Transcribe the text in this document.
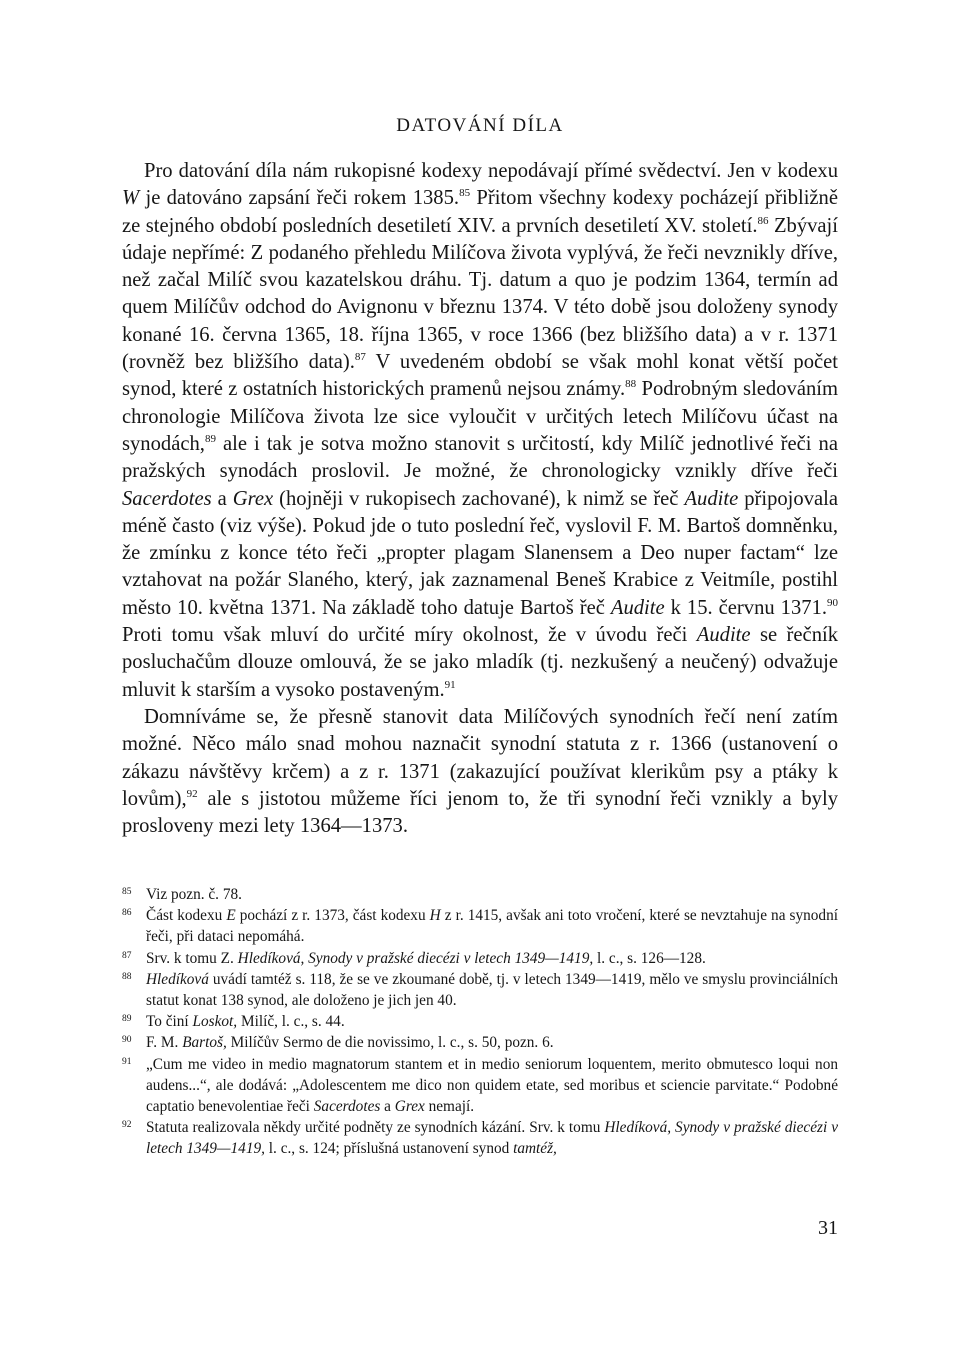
DATOVÁNÍ DÍLA

Pro datování díla nám rukopisné kodexy nepodávají přímé svědectví. Jen v kodexu W je datováno zapsání řeči rokem 1385.85 Přitom všechny kodexy pocházejí přibližně ze stejného období posledních desetiletí XIV. a prvních desetiletí XV. století.$^{86}$ Zbývají údaje nepřímé: Z podaného přehledu Milíčova života vyplývá, že řeči nevznikly dříve, než začal Milíč svou kazatelskou dráhu. Tj. datum a quo je podzim 1364, termín ad quem Milíčův odchod do Avignonu v březnu 1374. V této době jsou doloženy synody konané 16. června 1365, 18. října 1365, v roce 1366 (bez bližšího data) a v r. 1371 (rovněž bez bližšího data).$^{87}$ V uvedeném období se však mohl konat větší počet synod, které z ostatních historických pramenů nejsou známy.$^{88}$ Podrobným sledováním chronologie Milíčova života lze sice vyloučit v určitých letech Milíčovu účast na synodách,$^{89}$ ale i tak je sotva možno stanovit s určitostí, kdy Milíč jednotlivé řeči na pražských synodách proslovil. Je možné, že chronologicky vznikly dříve řeči Sacerdotes a Grex (hojněji v rukopisech zachované), k nimž se řeč Audite připojovala méně často (viz výše). Pokud jde o tuto poslední řeč, vyslovil F. M. Bartoš domněnku, že zmínku z konce této řeči „propter plagam Slanensem a Deo nuper factam“ lze vztahovat na požár Slaného, který, jak zaznamenal Beneš Krabice z Veitmíle, postihl město 10. května 1371. Na základě toho datuje Bartoš řeč Audite k 15. červnu 1371.90 Proti tomu však mluví do určité míry okolnost, že v úvodu řeči Audite se řečník posluchačům dlouze omlouvá, že se jako mladík (tj. nezkušený a neučený) odvažuje mluvit k starším a vysoko postaveným.$^{91}$

Domníváme se, že přesně stanovit data Milíčových synodních řečí není zatím možné. Něco málo snad mohou naznačit synodní statuta z r. 1366 (ustanovení o zákazu návštěvy krčem) a z r. 1371 (zakazující používat klerikům psy a ptáky k lovům),$^{92}$ ale s jistotou můžeme říci jenom to, že tři synodní řeči vznikly a byly prosloveny mezi lety 1364—1373.

85 Viz pozn. č. 78.
86 Část kodexu E pochází z r. 1373, část kodexu H z r. 1415, avšak ani toto vročení, které se nevztahuje na synodní řeči, při dataci nepomáhá.
87 Srv. k tomu Z. Hledíková, Synody v pražské diecézi v letech 1349—1419, l. c., s. 126—128.
88 Hledíková uvádí tamtéž s. 118, že se ve zkoumané době, tj. v letech 1349—1419, mělo ve smyslu provinciálních statut konat 138 synod, ale doloženo je jich jen 40.
89 To činí Loskot, Milíč, l. c., s. 44.
90 F. M. Bartoš, Milíčův Sermo de die novissimo, l. c., s. 50, pozn. 6.
91 „Cum me video in medio magnatorum stantem et in medio seniorum loquentem, merito obmutesco loqui non audens...“, ale dodává: „Adolescentem me dico non quidem etate, sed moribus et sciencie parvitate.“ Podobné captatio benevolentiae řeči Sacerdotes a Grex nemají.
92 Statuta realizovala někdy určité podněty ze synodních kázání. Srv. k tomu Hledíková, Synody v pražské diecézi v letech 1349—1419, l. c., s. 124; příslušná ustanovení synod tamtéž,
31
